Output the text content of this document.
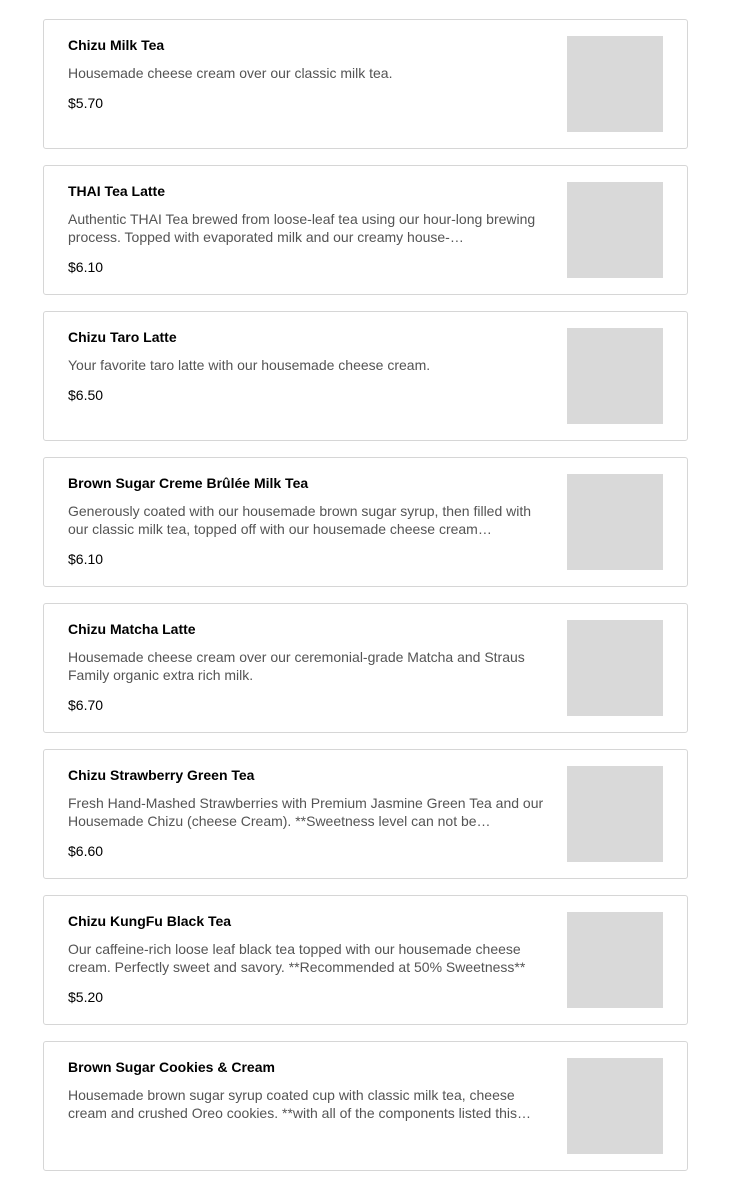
Chizu Milk Tea
Housemade cheese cream over our classic milk tea.
$5.70
THAI Tea Latte
Authentic THAI Tea brewed from loose-leaf tea using our hour-long brewing process. Topped with evaporated milk and our creamy house-…
$6.10
Chizu Taro Latte
Your favorite taro latte with our housemade cheese cream.
$6.50
Brown Sugar Creme Brûlée Milk Tea
Generously coated with our housemade brown sugar syrup, then filled with our classic milk tea, topped off with our housemade cheese cream…
$6.10
Chizu Matcha Latte
Housemade cheese cream over our ceremonial-grade Matcha and Straus Family organic extra rich milk.
$6.70
Chizu Strawberry Green Tea
Fresh Hand-Mashed Strawberries with Premium Jasmine Green Tea and our Housemade Chizu (cheese Cream). **Sweetness level can not be…
$6.60
Chizu KungFu Black Tea
Our caffeine-rich loose leaf black tea topped with our housemade cheese cream. Perfectly sweet and savory. **Recommended at 50% Sweetness**
$5.20
Brown Sugar Cookies & Cream
Housemade brown sugar syrup coated cup with classic milk tea, cheese cream and crushed Oreo cookies. **with all of the components listed this…
